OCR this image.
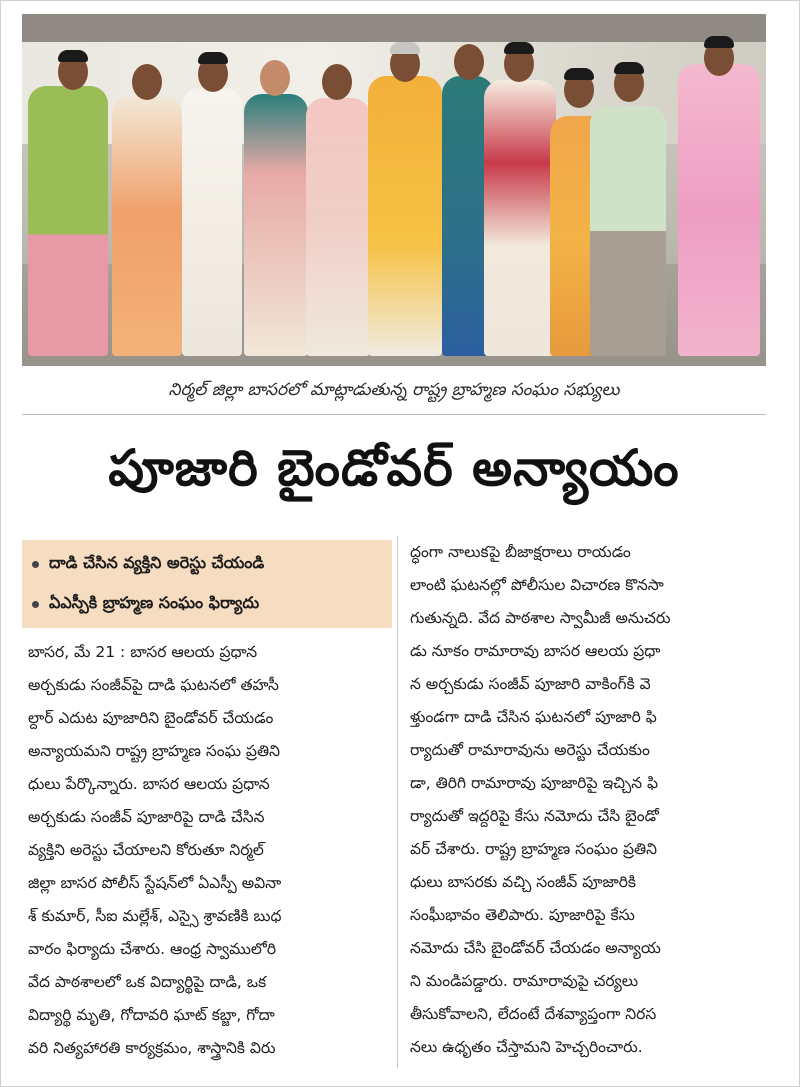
నిర్మల్ జిల్లా బాసరలో మాట్లాడుతున్న రాష్ట్ర బ్రాహ్మణ సంఘం సభ్యులు
పూజారి బైండోవర్ అన్యాయం
దాడి చేసిన వ్యక్తిని అరెస్టు చేయండి
ఏఎస్పీకి బ్రాహ్మణ సంఘం ఫిర్యాదు
బాసర, మే 21 : బాసర ఆలయ ప్రధాన
అర్చకుడు సంజీవ్‌పై దాడి ఘటనలో తహసీ
ల్దార్ ఎదుట పూజారిని బైండోవర్ చేయడం
అన్యాయమని రాష్ట్ర బ్రాహ్మణ సంఘ ప్రతిని
ధులు పేర్కొన్నారు. బాసర ఆలయ ప్రధాన
అర్చకుడు సంజీవ్ పూజారిపై దాడి చేసిన
వ్యక్తిని అరెస్టు చేయాలని కోరుతూ నిర్మల్
జిల్లా బాసర పోలీస్ స్టేషన్‌లో ఏఎస్పీ అవినా
శ్ కుమార్, సీఐ మల్లేశ్, ఎస్సై శ్రావణికి బుధ
వారం ఫిర్యాదు చేశారు. ఆంధ్ర స్వాములోరి
వేద పాఠశాలలో ఒక విద్యార్థిపై దాడి, ఒక
విద్యార్థి మృతి, గోదావరి ఘాట్ కబ్జా, గోదా
వరి నిత్యహారతి కార్యక్రమం, శాస్త్రానికి విరు
ద్ధంగా నాలుకపై బీజాక్షరాలు రాయడం
లాంటి ఘటనల్లో పోలీసుల విచారణ కొనసా
గుతున్నది. వేద పాఠశాల స్వామీజీ అనుచరు
డు నూకం రామారావు బాసర ఆలయ ప్రధా
న అర్చకుడు సంజీవ్ పూజారి వాకింగ్‌కి వె
ళ్తుండగా దాడి చేసిన ఘటనలో పూజారి ఫి
ర్యాదుతో రామారావును అరెస్టు చేయకుం
డా, తిరిగి రామారావు పూజారిపై ఇచ్చిన ఫి
ర్యాదుతో ఇద్దరిపై కేసు నమోదు చేసి బైండో
వర్ చేశారు. రాష్ట్ర బ్రాహ్మణ సంఘం ప్రతిని
ధులు బాసరకు వచ్చి సంజీవ్ పూజారికి
సంఘీభావం తెలిపారు. పూజారిపై కేసు
నమోదు చేసి బైండోవర్ చేయడం అన్యాయ
ని మండిపడ్డారు. రామారావుపై చర్యలు
తీసుకోవాలని, లేదంటే దేశవ్యాప్తంగా నిరస
నలు ఉధృతం చేస్తామని హెచ్చరించారు.
